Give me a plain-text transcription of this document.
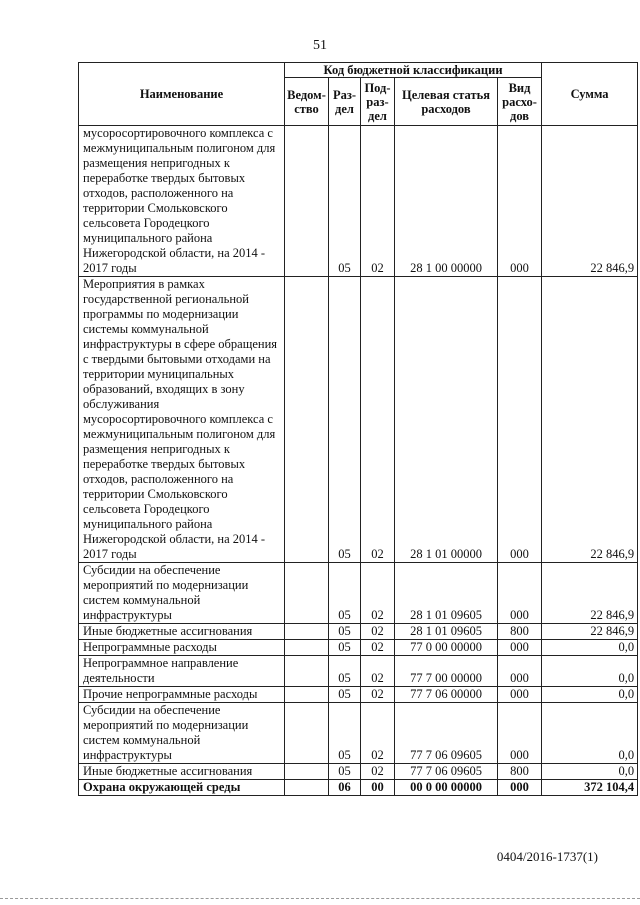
51
Наименование	Код бюджетной классификации					Сумма
	Ведом-ство	Раз-дел	Под-раз-дел	Целевая статья расходов	Вид расхо-дов	
мусоросортировочного комплекса с межмуниципальным полигоном для размещения непригодных к переработке твердых бытовых отходов, расположенного на территории Смольковского сельсовета Городецкого муниципального района Нижегородской области, на 2014 - 2017 годы		05	02	28 1 00 00000	000	22 846,9
Мероприятия в рамках государственной региональной программы по модернизации системы коммунальной инфраструктуры в сфере обращения с твердыми бытовыми отходами на территории муниципальных образований, входящих в зону обслуживания мусоросортировочного комплекса с межмуниципальным полигоном для размещения непригодных к переработке твердых бытовых отходов, расположенного на территории Смольковского сельсовета Городецкого муниципального района Нижегородской области, на 2014 - 2017 годы		05	02	28 1 01 00000	000	22 846,9
Субсидии на обеспечение мероприятий по модернизации систем коммунальной инфраструктуры		05	02	28 1 01 09605	000	22 846,9
Иные бюджетные ассигнования		05	02	28 1 01 09605	800	22 846,9
Непрограммные расходы		05	02	77 0 00 00000	000	0,0
Непрограммное направление деятельности		05	02	77 7 00 00000	000	0,0
Прочие непрограммные расходы		05	02	77 7 06 00000	000	0,0
Субсидии на обеспечение мероприятий по модернизации систем коммунальной инфраструктуры		05	02	77 7 06 09605	000	0,0
Иные бюджетные ассигнования		05	02	77 7 06 09605	800	0,0
Охрана окружающей среды		06	00	00 0 00 00000	000	372 104,4
0404/2016-1737(1)
